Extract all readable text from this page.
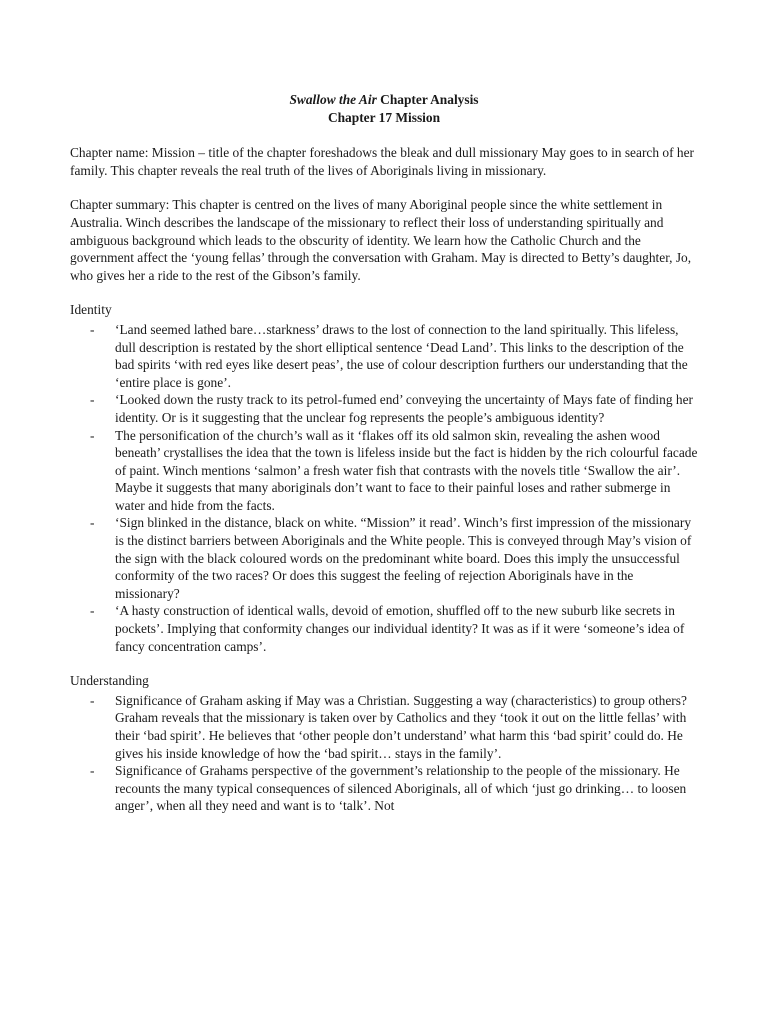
Swallow the Air Chapter Analysis
Chapter 17 Mission

Chapter name: Mission – title of the chapter foreshadows the bleak and dull missionary May goes to in search of her family. This chapter reveals the real truth of the lives of Aboriginals living in missionary.

Chapter summary: This chapter is centred on the lives of many Aboriginal people since the white settlement in Australia. Winch describes the landscape of the missionary to reflect their loss of understanding spiritually and ambiguous background which leads to the obscurity of identity. We learn how the Catholic Church and the government affect the ‘young fellas’ through the conversation with Graham. May is directed to Betty’s daughter, Jo, who gives her a ride to the rest of the Gibson’s family.

Identity

- ‘Land seemed lathed bare…starkness’ draws to the lost of connection to the land spiritually. This lifeless, dull description is restated by the short elliptical sentence ‘Dead Land’. This links to the description of the bad spirits ‘with red eyes like desert peas’, the use of colour description furthers our understanding that the ‘entire place is gone’.
- ‘Looked down the rusty track to its petrol-fumed end’ conveying the uncertainty of Mays fate of finding her identity. Or is it suggesting that the unclear fog represents the people’s ambiguous identity?
- The personification of the church’s wall as it ‘flakes off its old salmon skin, revealing the ashen wood beneath’ crystallises the idea that the town is lifeless inside but the fact is hidden by the rich colourful facade of paint. Winch mentions ‘salmon’ a fresh water fish that contrasts with the novels title ‘Swallow the air’. Maybe it suggests that many aboriginals don’t want to face to their painful loses and rather submerge in water and hide from the facts.
- ‘Sign blinked in the distance, black on white. “Mission” it read’. Winch’s first impression of the missionary is the distinct barriers between Aboriginals and the White people. This is conveyed through May’s vision of the sign with the black coloured words on the predominant white board. Does this imply the unsuccessful conformity of the two races? Or does this suggest the feeling of rejection Aboriginals have in the missionary?
- ‘A hasty construction of identical walls, devoid of emotion, shuffled off to the new suburb like secrets in pockets’. Implying that conformity changes our individual identity? It was as if it were ‘someone’s idea of fancy concentration camps’.

Understanding

- Significance of Graham asking if May was a Christian. Suggesting a way (characteristics) to group others? Graham reveals that the missionary is taken over by Catholics and they ‘took it out on the little fellas’ with their ‘bad spirit’. He believes that ‘other people don’t understand’ what harm this ‘bad spirit’ could do. He gives his inside knowledge of how the ‘bad spirit… stays in the family’.
- Significance of Grahams perspective of the government’s relationship to the people of the missionary. He recounts the many typical consequences of silenced Aboriginals, all of which ‘just go drinking… to loosen anger’, when all they need and want is to ‘talk’. Not
